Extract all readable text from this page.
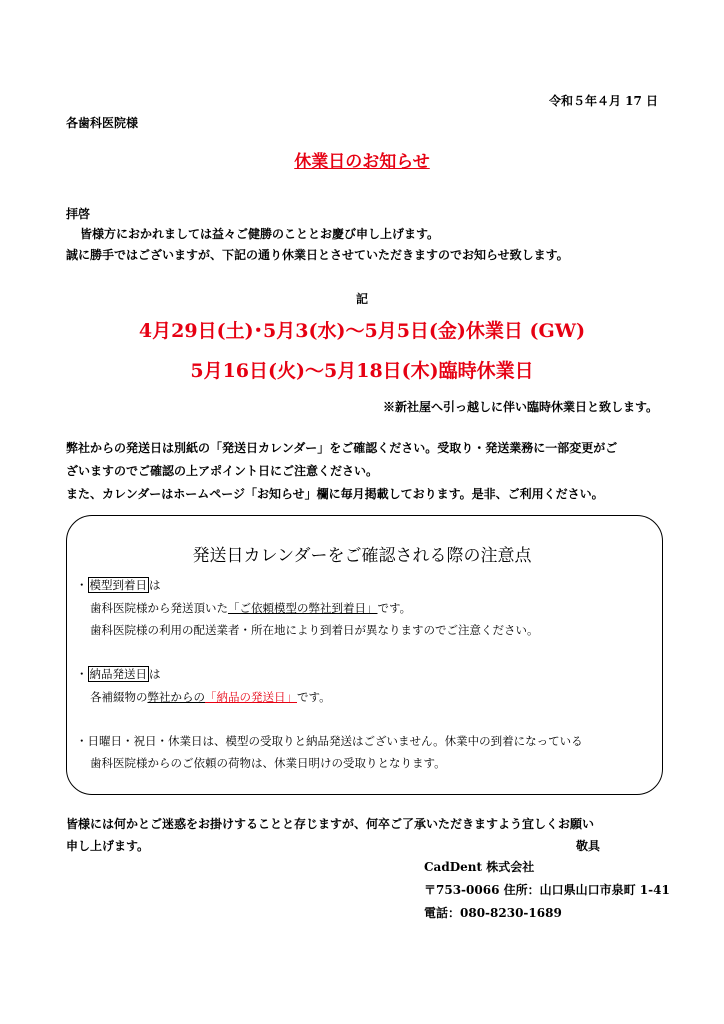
令和５年４月 17 日
各歯科医院様
休業日のお知らせ
拝啓
皆様方におかれましては益々ご健勝のこととお慶び申し上げます。
誠に勝手ではございますが、下記の通り休業日とさせていただきますのでお知らせ致します。
記
4月29日(土)･5月3(水)～5月5日(金)休業日 (GW)
5月16日(火)～5月18日(木)臨時休業日
※新社屋へ引っ越しに伴い臨時休業日と致します。
弊社からの発送日は別紙の「発送日カレンダー」をご確認ください。受取り・発送業務に一部変更がご
ざいますのでご確認の上アポイント日にご注意ください。
また、カレンダーはホームページ「お知らせ」欄に毎月掲載しております。是非、ご利用ください。
発送日カレンダーをご確認される際の注意点
・ 模型到着日 は
歯科医院様から発送頂いた「ご依頼模型の弊社到着日」です。
歯科医院様の利用の配送業者・所在地により到着日が異なりますのでご注意ください。
・ 納品発送日 は
各補綴物の弊社からの「納品の発送日」です。
・日曜日・祝日・休業日は、模型の受取りと納品発送はございません。休業中の到着になっている
歯科医院様からのご依頼の荷物は、休業日明けの受取りとなります。
皆様には何かとご迷惑をお掛けすることと存じますが、何卒ご了承いただきますよう宜しくお願い
申し上げます。	敬具
CadDent 株式会社
〒753-0066 住所：山口県山口市泉町 1-41
電話：080-8230-1689
